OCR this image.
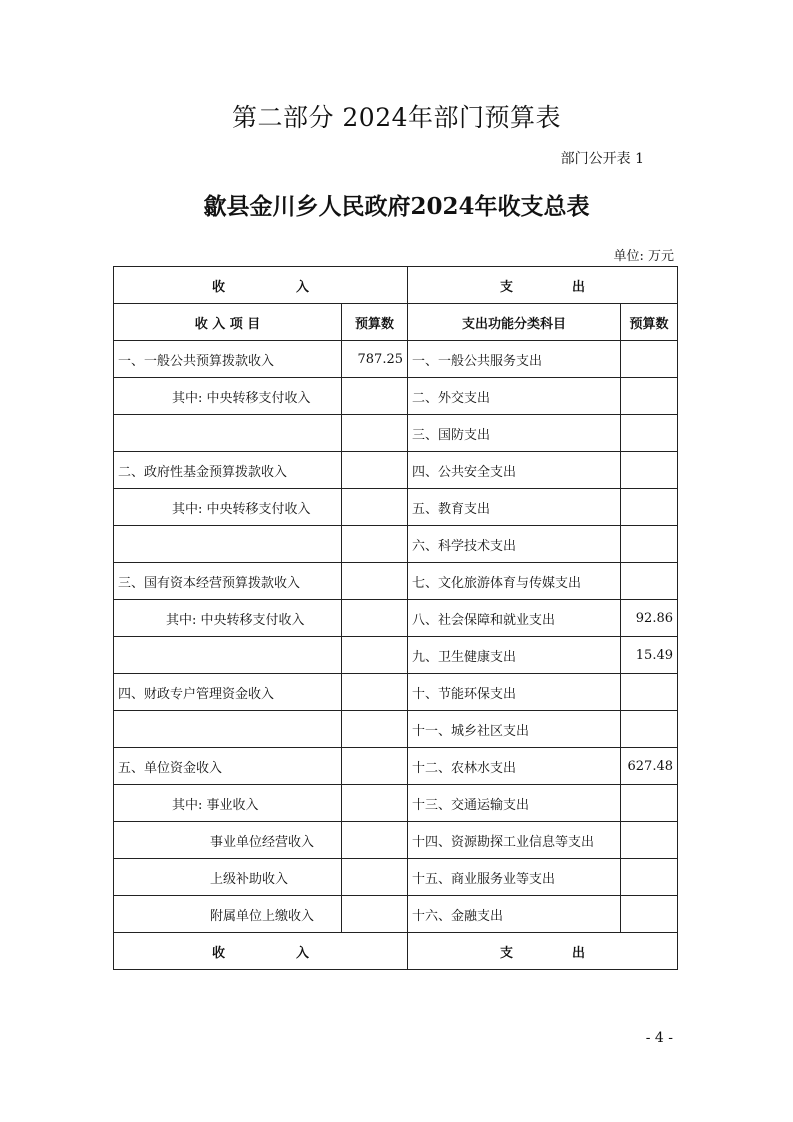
第二部分 2024年部门预算表
部门公开表 1
歙县金川乡人民政府2024年收支总表
单位: 万元
收 入		支 出	

收 入 项 目	预算数	支出功能分类科目	预算数
一、一般公共预算拨款收入	787.25	一、一般公共服务支出	
其中: 中央转移支付收入		二、外交支出	
		三、国防支出	
二、政府性基金预算拨款收入		四、公共安全支出	
其中: 中央转移支付收入		五、教育支出	
		六、科学技术支出	
三、国有资本经营预算拨款收入		七、文化旅游体育与传媒支出	
其中: 中央转移支付收入		八、社会保障和就业支出	92.86
		九、卫生健康支出	15.49
四、财政专户管理资金收入		十、节能环保支出	
		十一、城乡社区支出	
五、单位资金收入		十二、农林水支出	627.48
其中: 事业收入		十三、交通运输支出	
事业单位经营收入		十四、资源勘探工业信息等支出	
上级补助收入		十五、商业服务业等支出	
附属单位上缴收入		十六、金融支出	

收 入		支 出	
- 4 -
